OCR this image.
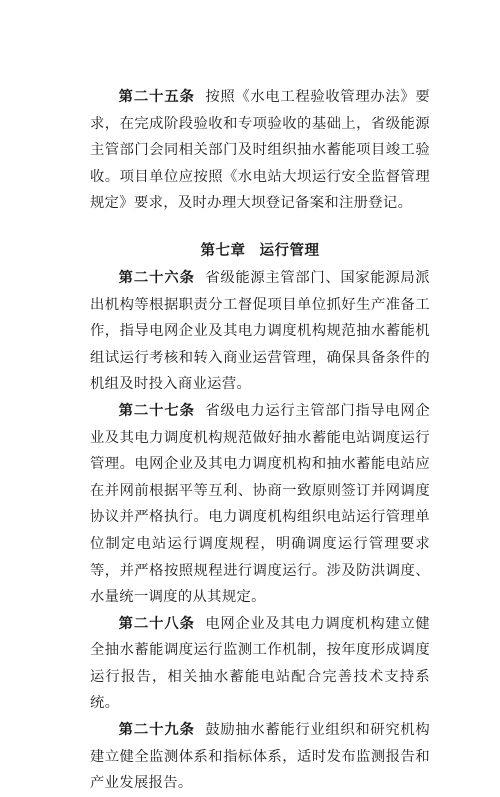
第二十五条 按照《水电工程验收管理办法》要求，在完成阶段验收和专项验收的基础上，省级能源主管部门会同相关部门及时组织抽水蓄能项目竣工验收。项目单位应按照《水电站大坝运行安全监督管理规定》要求，及时办理大坝登记备案和注册登记。

第七章 运行管理

第二十六条 省级能源主管部门、国家能源局派出机构等根据职责分工督促项目单位抓好生产准备工作，指导电网企业及其电力调度机构规范抽水蓄能机组试运行考核和转入商业运营管理，确保具备条件的机组及时投入商业运营。

第二十七条 省级电力运行主管部门指导电网企业及其电力调度机构规范做好抽水蓄能电站调度运行管理。电网企业及其电力调度机构和抽水蓄能电站应在并网前根据平等互利、协商一致原则签订并网调度协议并严格执行。电力调度机构组织电站运行管理单位制定电站运行调度规程，明确调度运行管理要求等，并严格按照规程进行调度运行。涉及防洪调度、水量统一调度的从其规定。

第二十八条 电网企业及其电力调度机构建立健全抽水蓄能调度运行监测工作机制，按年度形成调度运行报告，相关抽水蓄能电站配合完善技术支持系统。

第二十九条 鼓励抽水蓄能行业组织和研究机构建立健全监测体系和指标体系，适时发布监测报告和产业发展报告。
